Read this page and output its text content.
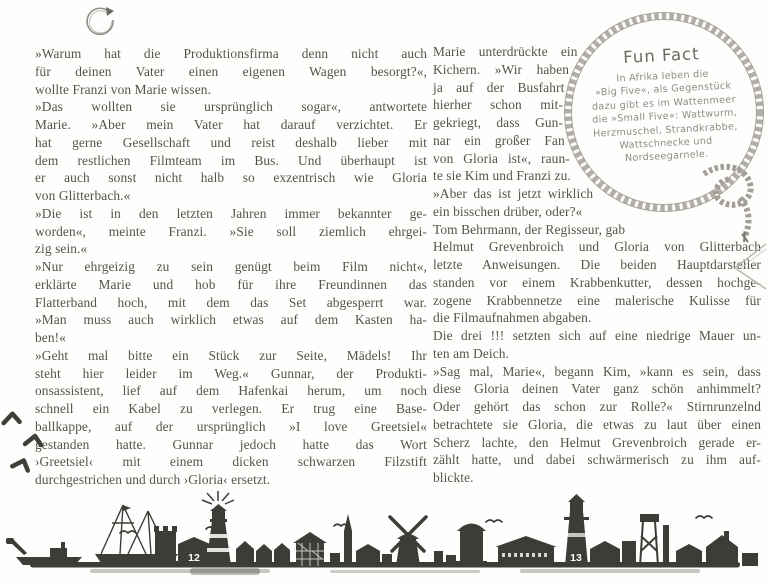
»Warum hat die Produktionsfirma denn nicht auch
für deinen Vater einen eigenen Wagen besorgt?«,
wollte Franzi von Marie wissen.
»Das wollten sie ursprünglich sogar«, antwortete
Marie. »Aber mein Vater hat darauf verzichtet. Er
hat gerne Gesellschaft und reist deshalb lieber mit
dem restlichen Filmteam im Bus. Und überhaupt ist
er auch sonst nicht halb so exzentrisch wie Gloria
von Glitterbach.«
»Die ist in den letzten Jahren immer bekannter ge-
worden«, meinte Franzi. »Sie soll ziemlich ehrgei-
zig sein.«
»Nur ehrgeizig zu sein genügt beim Film nicht«,
erklärte Marie und hob für ihre Freundinnen das
Flatterband hoch, mit dem das Set abgesperrt war.
»Man muss auch wirklich etwas auf dem Kasten ha-
ben!«
»Geht mal bitte ein Stück zur Seite, Mädels! Ihr
steht hier leider im Weg.« Gunnar, der Produkti-
onsassistent, lief auf dem Hafenkai herum, um noch
schnell ein Kabel zu verlegen. Er trug eine Base-
ballkappe, auf der ursprünglich »I love Greetsiel«
gestanden hatte. Gunnar jedoch hatte das Wort
›Greetsiel‹ mit einem dicken schwarzen Filzstift
durchgestrichen und durch ›Gloria‹ ersetzt.
Marie unterdrückte ein
Kichern. »Wir haben
ja auf der Busfahrt
hierher schon mit-
gekriegt, dass Gun-
nar ein großer Fan
von Gloria ist«, raun-
te sie Kim und Franzi zu.
»Aber das ist jetzt wirklich
ein bisschen drüber, oder?«
Tom Behrmann, der Regisseur, gab
Helmut Grevenbroich und Gloria von Glitterbach
letzte Anweisungen. Die beiden Hauptdarsteller
standen vor einem Krabbenkutter, dessen hochge-
zogene Krabbennetze eine malerische Kulisse für
die Filmaufnahmen abgaben.
Die drei !!! setzten sich auf eine niedrige Mauer un-
ten am Deich.
»Sag mal, Marie«, begann Kim, »kann es sein, dass
diese Gloria deinen Vater ganz schön anhimmelt?
Oder gehört das schon zur Rolle?« Stirnrunzelnd
betrachtete sie Gloria, die etwas zu laut über einen
Scherz lachte, den Helmut Grevenbroich gerade er-
zählt hatte, und dabei schwärmerisch zu ihm auf-
blickte.
Fun Fact
In Afrika leben die
»Big Five«, als Gegenstück
dazu gibt es im Wattenmeer
die »Small Five«: Wattwurm,
Herzmuschel, Strandkrabbe,
Wattschnecke und
Nordseegarnele.
12	13
